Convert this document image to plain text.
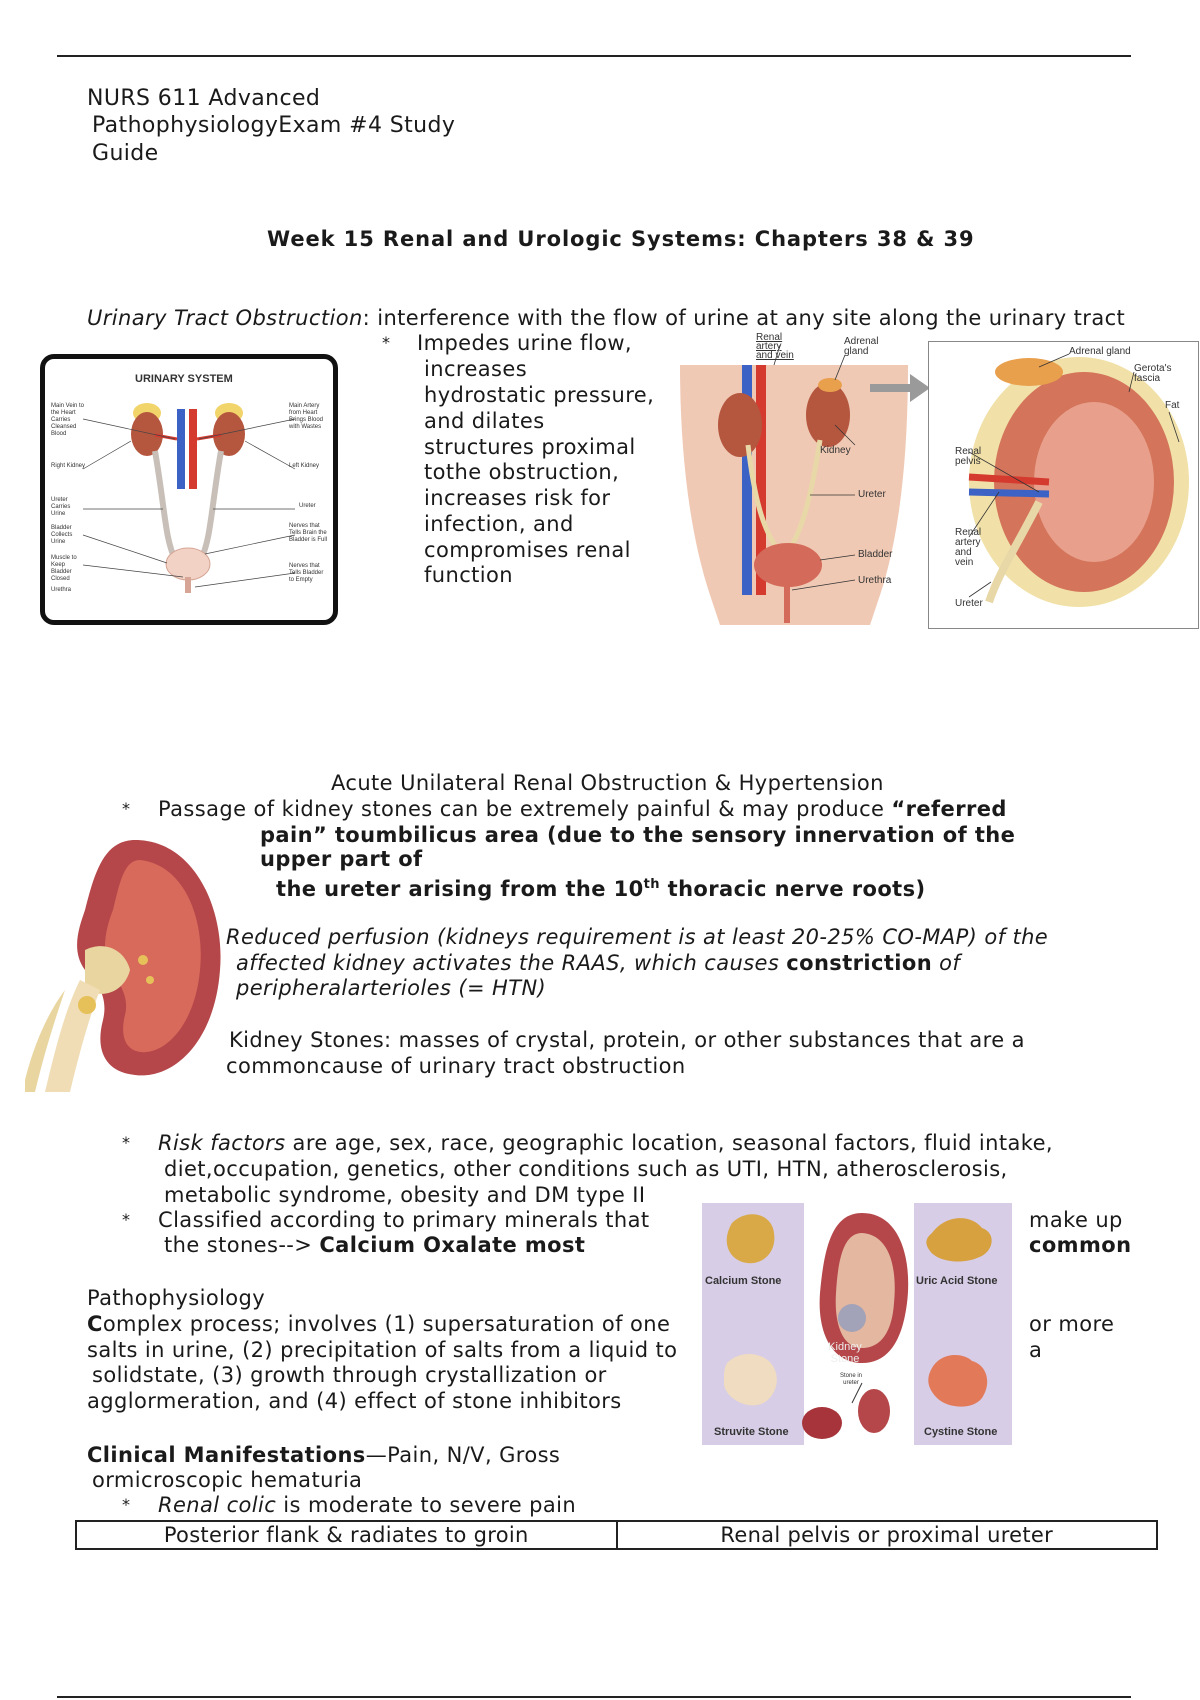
NURS 611 Advanced
PathophysiologyExam #4 Study
Guide
Week 15 Renal and Urologic Systems: Chapters 38 & 39
Urinary Tract Obstruction: interference with the flow of urine at any site along the urinary tract
URINARY SYSTEM
Main Vein to the Heart Carries Cleansed Blood
Right Kidney
Ureter Carries Urine
Bladder Collects Urine
Muscle to Keep Bladder Closed
Urethra
Main Artery from Heart Brings Blood with Wastes
Left Kidney
Ureter
Nerves that Tells Brain the Bladder is Full
Nerves that Tells Bladder to Empty
* Impedes urine flow,
increases
hydrostatic pressure,
and dilates
structures proximal
tothe obstruction,
increases risk for
infection, and
compromises renal
function
Renal artery and vein
Adrenal gland
Kidney
Ureter
Bladder
Urethra
Adrenal gland
Gerota's fascia
Fat
Renal pelvis
Renal artery and vein
Ureter
Acute Unilateral Renal Obstruction & Hypertension
* Passage of kidney stones can be extremely painful & may produce “referred
pain” toumbilicus area (due to the sensory innervation of the
upper part of
the ureter arising from the 10th thoracic nerve roots)
Reduced perfusion (kidneys requirement is at least 20-25% CO-MAP) of the
affected kidney activates the RAAS, which causes constriction of
peripheralarterioles (= HTN)
Kidney Stones: masses of crystal, protein, or other substances that are a
commoncause of urinary tract obstruction
* Risk factors are age, sex, race, geographic location, seasonal factors, fluid intake,
diet,occupation, genetics, other conditions such as UTI, HTN, atherosclerosis,
metabolic syndrome, obesity and DM type II
* Classified according to primary minerals that	make up
the stones--> Calcium Oxalate most	common
Calcium Stone	Uric Acid Stone
Struvite Stone	Cystine Stone
Kidney Stone
Stone in ureter
Pathophysiology
Complex process; involves (1) supersaturation of one	or more
salts in urine, (2) precipitation of salts from a liquid to	a
solidstate, (3) growth through crystallization or
agglormeration, and (4) effect of stone inhibitors
Clinical Manifestations—Pain, N/V, Gross
ormicroscopic hematuria
* Renal colic is moderate to severe pain
Posterior flank & radiates to groin	Renal pelvis or proximal ureter
